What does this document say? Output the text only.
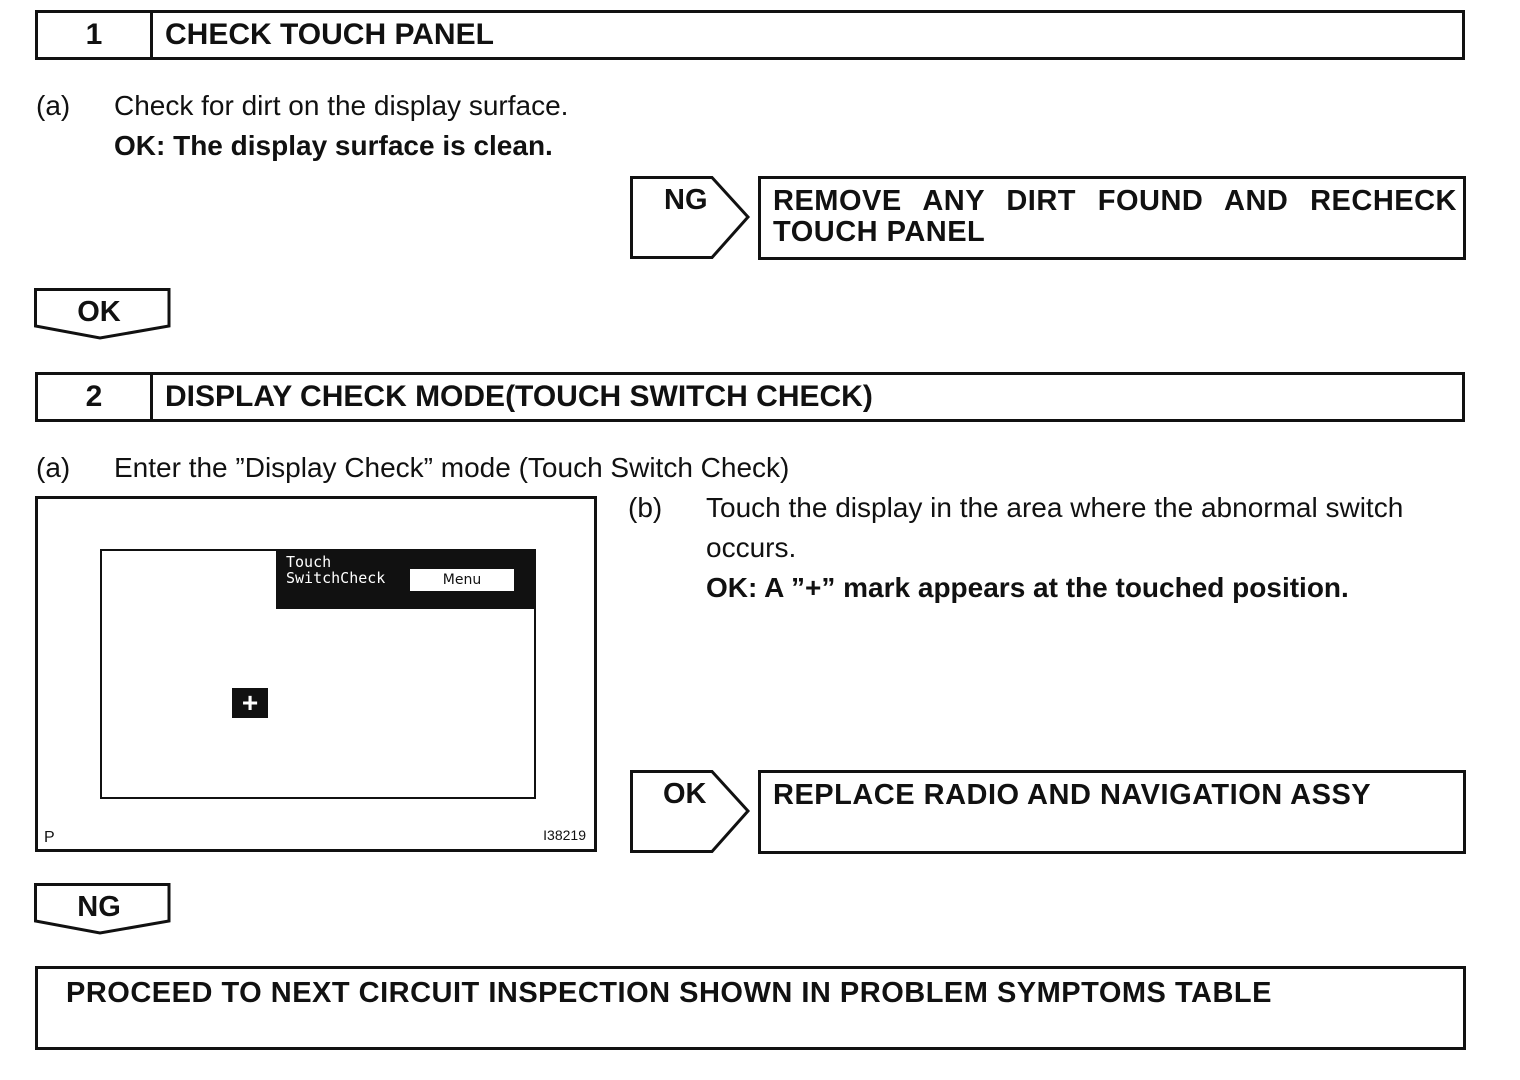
1	CHECK TOUCH PANEL
(a) Check for dirt on the display surface.
OK: The display surface is clean.
NG REMOVE ANY DIRT FOUND AND RECHECK
TOUCH PANEL
OK
2	DISPLAY CHECK MODE(TOUCH SWITCH CHECK)
(a) Enter the ”Display Check” mode (Touch Switch Check)
Touch
SwitchCheck	Menu
+
P	I38219
(b) Touch the display in the area where the abnormal switch
occurs.
OK: A ”+” mark appears at the touched position.
OK REPLACE RADIO AND NAVIGATION ASSY
NG
PROCEED TO NEXT CIRCUIT INSPECTION SHOWN IN PROBLEM SYMPTOMS TABLE
